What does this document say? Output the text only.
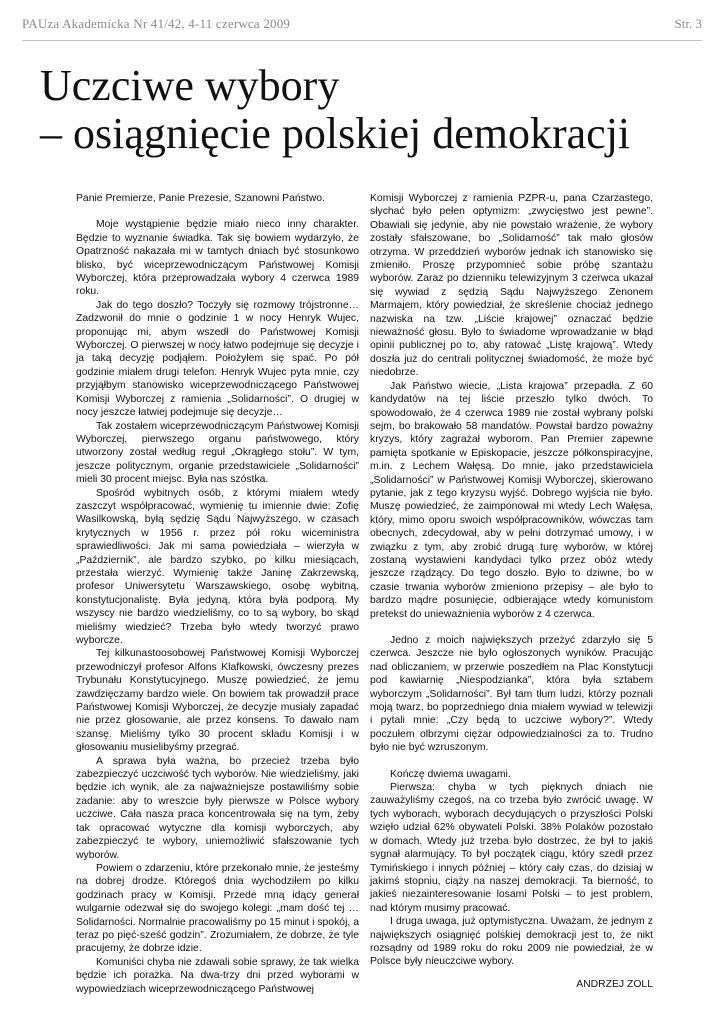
PAUza Akademicka Nr 41/42, 4-11 czerwca 2009	Str. 3
Uczciwe wybory
– osiągnięcie polskiej demokracji

Panie Premierze, Panie Prezesie, Szanowni Państwo.

Moje wystąpienie będzie miało nieco inny charakter. Będzie to wyznanie świadka. Tak się bowiem wydarzyło, że Opatrzność nakazała mi w tamtych dniach być stosunkowo blisko, być wiceprzewodniczącym Państwowej Komisji Wyborczej, która przeprowadzała wybory 4 czerwca 1989 roku.

Jak do tego doszło? Toczyły się rozmowy trójstronne… Zadzwonił do mnie o godzinie 1 w nocy Henryk Wujec, proponując mi, abym wszedł do Państwowej Komisji Wyborczej. O pierwszej w nocy łatwo podejmuje się decyzje i ja taką decyzję podjąłem. Położyłem się spać. Po pół godzinie miałem drugi telefon. Henryk Wujec pyta mnie, czy przyjąłbym stanowisko wiceprzewodniczącego Państwowej Komisji Wyborczej z ramienia „Solidarności”. O drugiej w nocy jeszcze łatwiej podejmuje się decyzje…

Tak zostałem wiceprzewodniczącym Państwowej Komisji Wyborczej, pierwszego organu państwowego, który utworzony został według reguł „Okrągłego stołu”. W tym, jeszcze politycznym, organie przedstawiciele „Solidarności” mieli 30 procent miejsc. Była nas szóstka.

Spośród wybitnych osób, z którymi miałem wtedy zaszczyt współpracować, wymienię tu imiennie dwie: Zofię Wasilkowską, byłą sędzię Sądu Najwyższego, w czasach krytycznych w 1956 r. przez pół roku wiceministra sprawiedliwości. Jak mi sama powiedziała – wierzyła w „Październik”, ale bardzo szybko, po kilku miesiącach, przestała wierzyć. Wymienię także Janinę Zakrzewską, profesor Uniwersytetu Warszawskiego, osobę wybitną, konstytucjonalistę. Była jedyną, która była podporą. My wszyscy nie bardzo wiedzieliśmy, co to są wybory, bo skąd mieliśmy wiedzieć? Trzeba było wtedy tworzyć prawo wyborcze.

Tej kilkunastoosobowej Państwowej Komisji Wyborczej przewodniczył profesor Alfons Klafkowski, ówczesny prezes Trybunału Konstytucyjnego. Muszę powiedzieć, że jemu zawdzięczamy bardzo wiele. On bowiem tak prowadził prace Państwowej Komisji Wyborczej, że decyzje musiały zapadać nie przez głosowanie, ale przez konsens. To dawało nam szansę. Mieliśmy tylko 30 procent składu Komisji i w głosowaniu musielibyśmy przegrać.

A sprawa była ważna, bo przecież trzeba było zabezpieczyć uczciwość tych wyborów. Nie wiedzieliśmy, jaki będzie ich wynik, ale za najważniejsze postawiliśmy sobie zadanie: aby to wreszcie były pierwsze w Polsce wybory uczciwe. Cała nasza praca koncentrowała się na tym, żeby tak opracować wytyczne dla komisji wyborczych, aby zabezpieczyć te wybory, uniemożliwić sfałszowanie tych wyborów.

Powiem o zdarzeniu, które przekonało mnie, że jesteśmy na dobrej drodze. Któregoś dnia wychodziłem po kilku godzinach pracy w Komisji. Przede mną idący generał wulgarnie odezwał się do swojego kolegi: „mam dość tej … Solidarności. Normalnie pracowaliśmy po 15 minut i spokój, a teraz po pięć-sześć godzin”. Zrozumiałem, że dobrze, że tyle pracujemy, że dobrze idzie.

Komuniści chyba nie zdawali sobie sprawy, że tak wielka będzie ich porażka. Na dwa-trzy dni przed wyborami w wypowiedziach wiceprzewodniczącego Państwowej

Komisji Wyborczej z ramienia PZPR-u, pana Czarzastego, słychać było pełen optymizm: „zwycięstwo jest pewne”. Obawiali się jedynie, aby nie powstało wrażenie, że wybory zostały sfałszowane, bo „Solidarność” tak mało głosów otrzyma. W przeddzień wyborów jednak ich stanowisko się zmieniło. Proszę przypomnieć sobie próbę szantażu wyborów. Zaraz po dzienniku telewizyjnym 3 czerwca ukazał się wywiad z sędzią Sądu Najwyższego Zenonem Marmajem, który powiedział, że skreślenie chociaż jednego nazwiska na tzw. „Liście krajowej” oznaczać będzie nieważność głosu. Było to świadome wprowadzanie w błąd opinii publicznej po to, aby ratować „Listę krajową”. Wtedy doszła już do centrali politycznej świadomość, że może być niedobrze.

Jak Państwo wiecie, „Lista krajowa” przepadła. Z 60 kandydatów na tej liście przeszło tylko dwóch. To spowodowało, że 4 czerwca 1989 nie został wybrany polski sejm, bo brakowało 58 mandatów. Powstał bardzo poważny kryzys, który zagrażał wyborom. Pan Premier zapewne pamięta spotkanie w Episkopacie, jeszcze półkonspiracyjne, m.in. z Lechem Wałęsą. Do mnie, jako przedstawiciela „Solidarności” w Państwowej Komisji Wyborczej, skierowano pytanie, jak z tego kryzysu wyjść. Dobrego wyjścia nie było. Muszę powiedzieć, że zaimponował mi wtedy Lech Wałęsa, który, mimo oporu swoich współpracowników, wówczas tam obecnych, zdecydował, aby w pełni dotrzymać umowy, i w związku z tym, aby zrobić drugą turę wyborów, w której zostaną wystawieni kandydaci tylko przez obóz wtedy jeszcze rządzący. Do tego doszło. Było to dziwne, bo w czasie trwania wyborów zmieniono przepisy – ale było to bardzo mądre posunięcie, odbierające wtedy komunistom pretekst do unieważnienia wyborów z 4 czerwca.

Jedno z moich największych przeżyć zdarzyło się 5 czerwca. Jeszcze nie było ogłoszonych wyników. Pracując nad obliczaniem, w przerwie poszedłem na Plac Konstytucji pod kawiarnię „Niespodzianka”, która była sztabem wyborczym „Solidarności”. Był tam tłum ludzi, którzy poznali moją twarz, bo poprzedniego dnia miałem wywiad w telewizji i pytali mnie: „Czy będą to uczciwe wybory?”. Wtedy poczułem olbrzymi ciężar odpowiedzialności za to. Trudno było nie być wzruszonym.

Kończę dwiema uwagami.

Pierwsza: chyba w tych pięknych dniach nie zauważyliśmy czegoś, na co trzeba było zwrócić uwagę. W tych wyborach, wyborach decydujących o przyszłości Polski wzięło udział 62% obywateli Polski. 38% Polaków pozostało w domach. Wtedy już trzeba było dostrzec, że był to jakiś sygnał alarmujący. To był początek ciągu, który szedł przez Tymińskiego i innych później – który cały czas, do dzisiaj w jakimś stopniu, ciąży na naszej demokracji. Ta bierność, to jakieś niezainteresowanie losami Polski – to jest problem, nad którym musimy pracować.

I druga uwaga, już optymistyczna. Uważam, że jednym z największych osiągnięć polskiej demokracji jest to, że nikt rozsądny od 1989 roku do roku 2009 nie powiedział, że w Polsce były nieuczciwe wybory.

ANDRZEJ ZOLL
